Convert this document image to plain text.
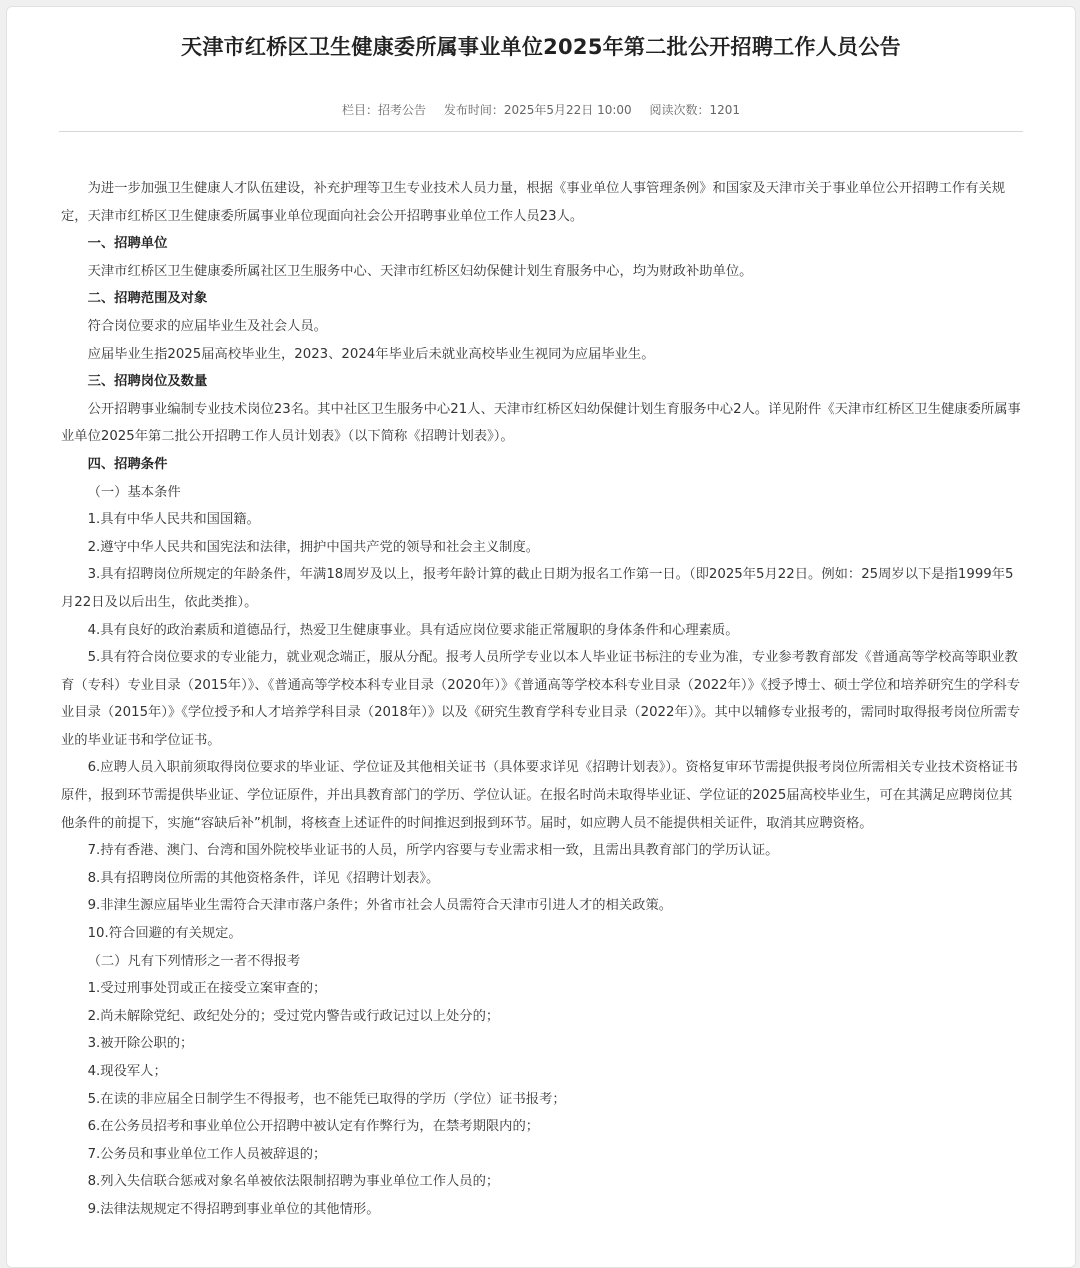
天津市红桥区卫生健康委所属事业单位2025年第二批公开招聘工作人员公告
栏目：招考公告 发布时间：2025年5月22日 10:00 阅读次数：1201

为进一步加强卫生健康人才队伍建设，补充护理等卫生专业技术人员力量，根据《事业单位人事管理条例》和国家及天津市关于事业单位公开招聘工作有关规定，天津市红桥区卫生健康委所属事业单位现面向社会公开招聘事业单位工作人员23人。

一、招聘单位

天津市红桥区卫生健康委所属社区卫生服务中心、天津市红桥区妇幼保健计划生育服务中心，均为财政补助单位。

二、招聘范围及对象

符合岗位要求的应届毕业生及社会人员。

应届毕业生指2025届高校毕业生，2023、2024年毕业后未就业高校毕业生视同为应届毕业生。

三、招聘岗位及数量

公开招聘事业编制专业技术岗位23名。其中社区卫生服务中心21人、天津市红桥区妇幼保健计划生育服务中心2人。详见附件《天津市红桥区卫生健康委所属事业单位2025年第二批公开招聘工作人员计划表》（以下简称《招聘计划表》）。

四、招聘条件

（一）基本条件

1.具有中华人民共和国国籍。

2.遵守中华人民共和国宪法和法律，拥护中国共产党的领导和社会主义制度。

3.具有招聘岗位所规定的年龄条件，年满18周岁及以上，报考年龄计算的截止日期为报名工作第一日。（即2025年5月22日。例如：25周岁以下是指1999年5月22日及以后出生，依此类推）。

4.具有良好的政治素质和道德品行，热爱卫生健康事业。具有适应岗位要求能正常履职的身体条件和心理素质。

5.具有符合岗位要求的专业能力，就业观念端正，服从分配。报考人员所学专业以本人毕业证书标注的专业为准，专业参考教育部发《普通高等学校高等职业教育（专科）专业目录（2015年）》、《普通高等学校本科专业目录（2020年）》《普通高等学校本科专业目录（2022年）》《授予博士、硕士学位和培养研究生的学科专业目录（2015年）》《学位授予和人才培养学科目录（2018年）》以及《研究生教育学科专业目录（2022年）》。其中以辅修专业报考的，需同时取得报考岗位所需专业的毕业证书和学位证书。

6.应聘人员入职前须取得岗位要求的毕业证、学位证及其他相关证书（具体要求详见《招聘计划表》）。资格复审环节需提供报考岗位所需相关专业技术资格证书原件，报到环节需提供毕业证、学位证原件，并出具教育部门的学历、学位认证。在报名时尚未取得毕业证、学位证的2025届高校毕业生，可在其满足应聘岗位其他条件的前提下，实施“容缺后补”机制，将核查上述证件的时间推迟到报到环节。届时，如应聘人员不能提供相关证件，取消其应聘资格。

7.持有香港、澳门、台湾和国外院校毕业证书的人员，所学内容要与专业需求相一致，且需出具教育部门的学历认证。

8.具有招聘岗位所需的其他资格条件，详见《招聘计划表》。

9.非津生源应届毕业生需符合天津市落户条件；外省市社会人员需符合天津市引进人才的相关政策。

10.符合回避的有关规定。

（二）凡有下列情形之一者不得报考

1.受过刑事处罚或正在接受立案审查的；

2.尚未解除党纪、政纪处分的；受过党内警告或行政记过以上处分的；

3.被开除公职的；

4.现役军人；

5.在读的非应届全日制学生不得报考，也不能凭已取得的学历（学位）证书报考；

6.在公务员招考和事业单位公开招聘中被认定有作弊行为，在禁考期限内的；

7.公务员和事业单位工作人员被辞退的；

8.列入失信联合惩戒对象名单被依法限制招聘为事业单位工作人员的；

9.法律法规规定不得招聘到事业单位的其他情形。
